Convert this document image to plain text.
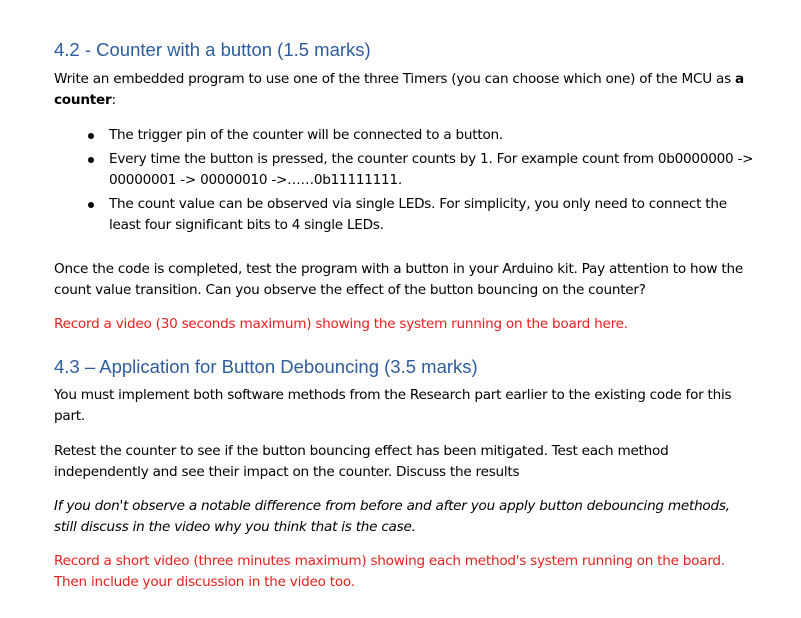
4.2 - Counter with a button (1.5 marks)

Write an embedded program to use one of the three Timers (you can choose which one) of the MCU as a counter:

The trigger pin of the counter will be connected to a button.
Every time the button is pressed, the counter counts by 1. For example count from 0b0000000 -> 00000001 -> 00000010 ->……0b11111111.
The count value can be observed via single LEDs. For simplicity, you only need to connect the least four significant bits to 4 single LEDs.

Once the code is completed, test the program with a button in your Arduino kit. Pay attention to how the count value transition. Can you observe the effect of the button bouncing on the counter?

Record a video (30 seconds maximum) showing the system running on the board here.

4.3 – Application for Button Debouncing (3.5 marks)

You must implement both software methods from the Research part earlier to the existing code for this part.

Retest the counter to see if the button bouncing effect has been mitigated. Test each method independently and see their impact on the counter. Discuss the results

If you don't observe a notable difference from before and after you apply button debouncing methods, still discuss in the video why you think that is the case.

Record a short video (three minutes maximum) showing each method's system running on the board. Then include your discussion in the video too.
